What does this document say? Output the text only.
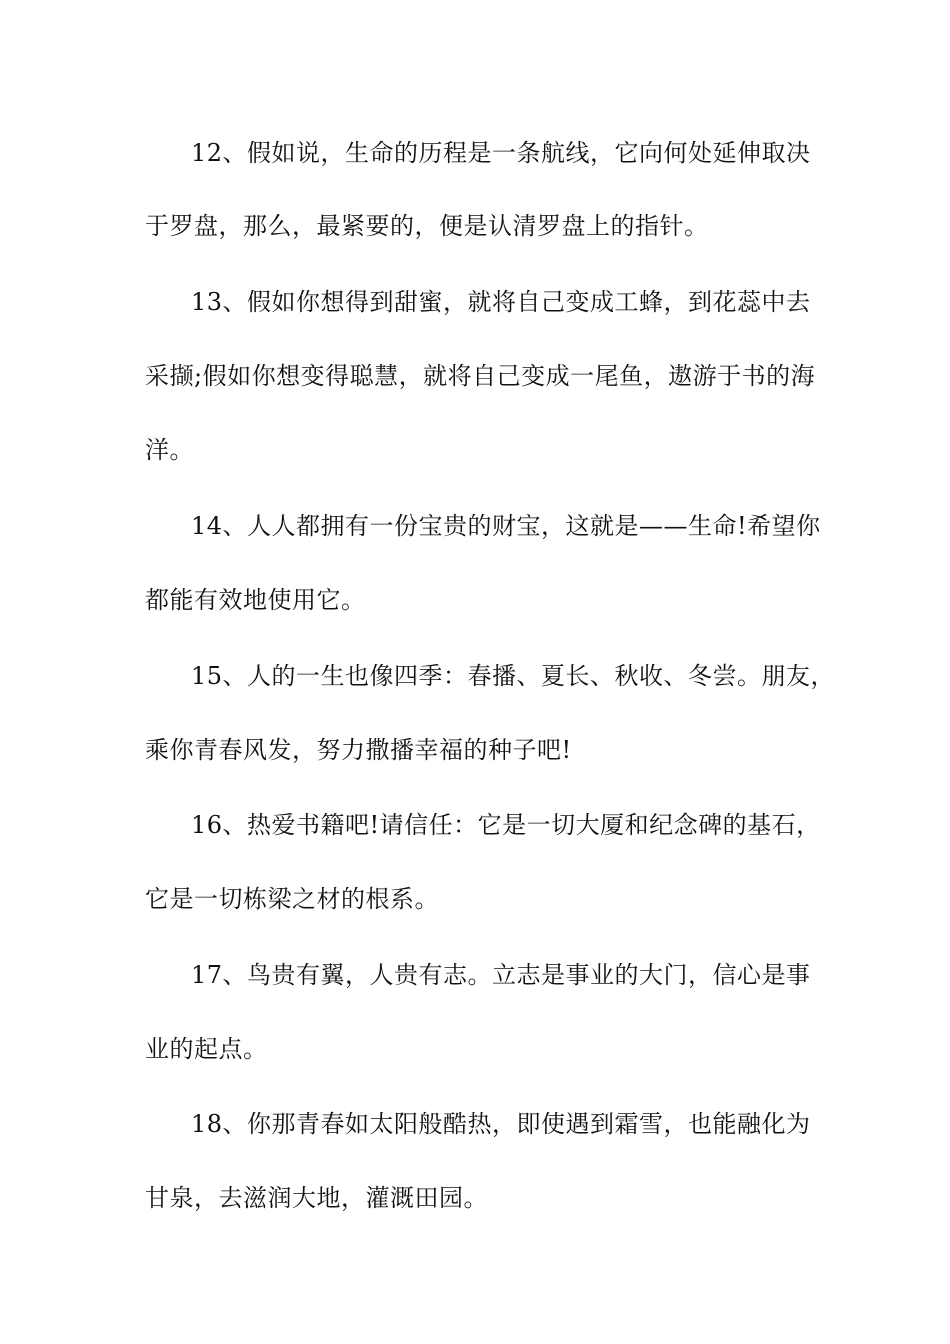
12、假如说，生命的历程是一条航线，它向何处延伸取决
于罗盘，那么，最紧要的，便是认清罗盘上的指针。
13、假如你想得到甜蜜，就将自己变成工蜂，到花蕊中去
采撷;假如你想变得聪慧，就将自己变成一尾鱼，遨游于书的海
洋。
14、人人都拥有一份宝贵的财宝，这就是——生命!希望你
都能有效地使用它。
15、人的一生也像四季：春播、夏长、秋收、冬尝。朋友，
乘你青春风发，努力撒播幸福的种子吧!
16、热爱书籍吧!请信任：它是一切大厦和纪念碑的基石，
它是一切栋梁之材的根系。
17、鸟贵有翼，人贵有志。立志是事业的大门，信心是事
业的起点。
18、你那青春如太阳般酷热，即使遇到霜雪，也能融化为
甘泉，去滋润大地，灌溉田园。
